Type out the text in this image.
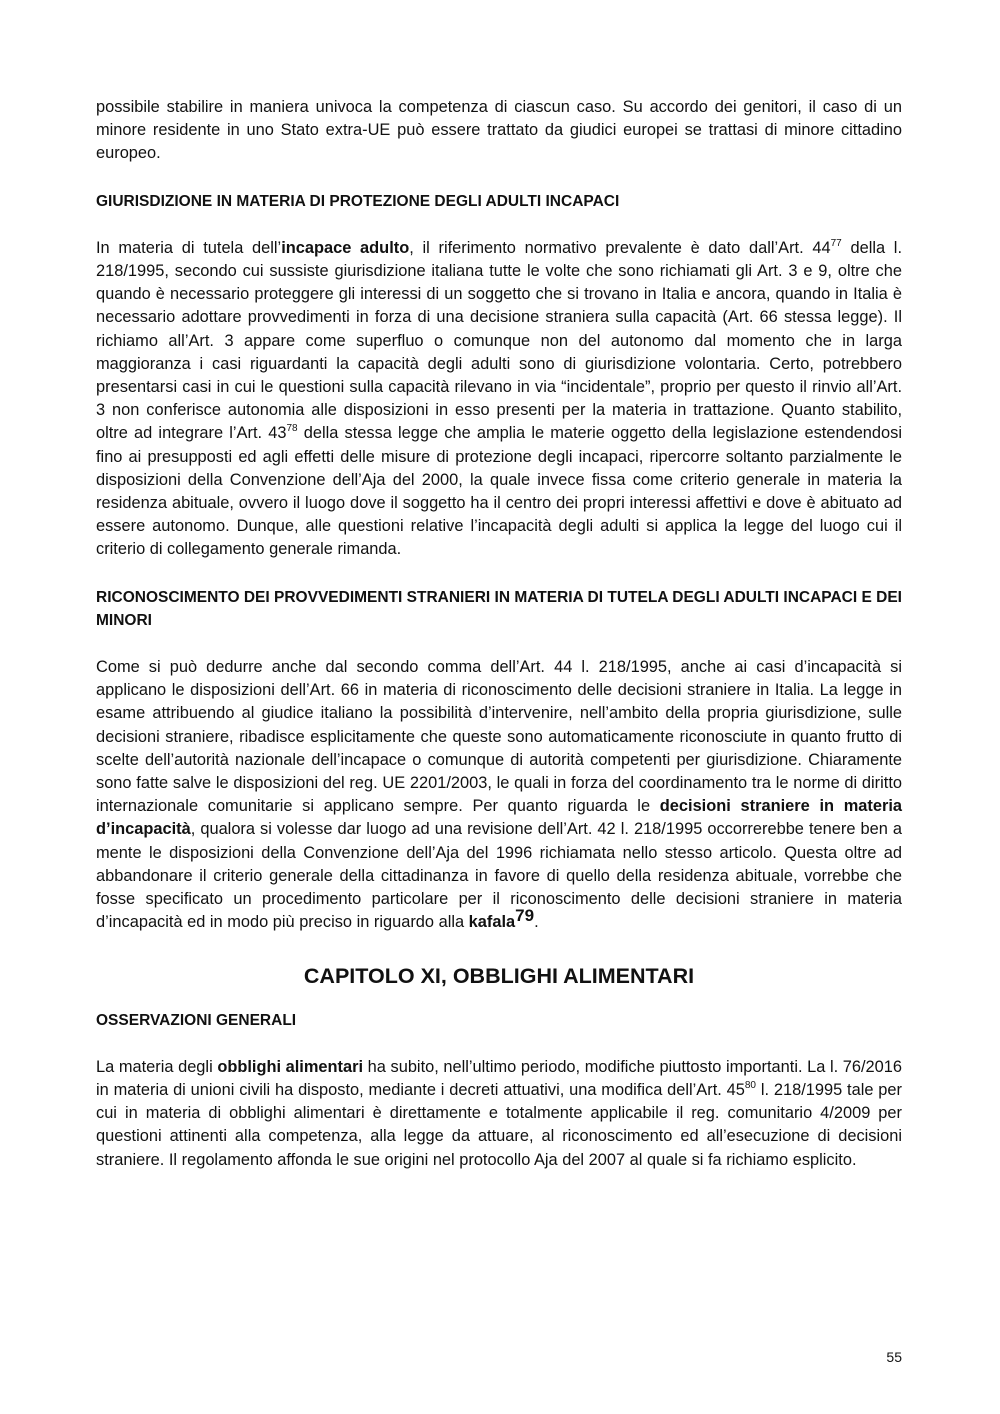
possibile stabilire in maniera univoca la competenza di ciascun caso. Su accordo dei genitori, il caso di un minore residente in uno Stato extra-UE può essere trattato da giudici europei se trattasi di minore cittadino europeo.

GIURISDIZIONE IN MATERIA DI PROTEZIONE DEGLI ADULTI INCAPACI

In materia di tutela dell’incapace adulto, il riferimento normativo prevalente è dato dall’Art. $44^{77}$ della l. 218/1995, secondo cui sussiste giurisdizione italiana tutte le volte che sono richiamati gli Art. 3 e 9, oltre che quando è necessario proteggere gli interessi di un soggetto che si trovano in Italia e ancora, quando in Italia è necessario adottare provvedimenti in forza di una decisione straniera sulla capacità (Art. 66 stessa legge). Il richiamo all’Art. 3 appare come superfluo o comunque non del autonomo dal momento che in larga maggioranza i casi riguardanti la capacità degli adulti sono di giurisdizione volontaria. Certo, potrebbero presentarsi casi in cui le questioni sulla capacità rilevano in via “incidentale”, proprio per questo il rinvio all’Art. 3 non conferisce autonomia alle disposizioni in esso presenti per la materia in trattazione. Quanto stabilito, oltre ad integrare l’Art. $43^{78}$ della stessa legge che amplia le materie oggetto della legislazione estendendosi fino ai presupposti ed agli effetti delle misure di protezione degli incapaci, ripercorre soltanto parzialmente le disposizioni della Convenzione dell’Aja del 2000, la quale invece fissa come criterio generale in materia la residenza abituale, ovvero il luogo dove il soggetto ha il centro dei propri interessi affettivi e dove è abituato ad essere autonomo. Dunque, alle questioni relative l’incapacità degli adulti si applica la legge del luogo cui il criterio di collegamento generale rimanda.

RICONOSCIMENTO DEI PROVVEDIMENTI STRANIERI IN MATERIA DI TUTELA DEGLI ADULTI INCAPACI E DEI MINORI

Come si può dedurre anche dal secondo comma dell’Art. 44 l. 218/1995, anche ai casi d’incapacità si applicano le disposizioni dell’Art. 66 in materia di riconoscimento delle decisioni straniere in Italia. La legge in esame attribuendo al giudice italiano la possibilità d’intervenire, nell’ambito della propria giurisdizione, sulle decisioni straniere, ribadisce esplicitamente che queste sono automaticamente riconosciute in quanto frutto di scelte dell’autorità nazionale dell’incapace o comunque di autorità competenti per giurisdizione. Chiaramente sono fatte salve le disposizioni del reg. UE 2201/2003, le quali in forza del coordinamento tra le norme di diritto internazionale comunitarie si applicano sempre. Per quanto riguarda le decisioni straniere in materia d’incapacità, qualora si volesse dar luogo ad una revisione dell’Art. 42 l. 218/1995 occorrerebbe tenere ben a mente le disposizioni della Convenzione dell’Aja del 1996 richiamata nello stesso articolo. Questa oltre ad abbandonare il criterio generale della cittadinanza in favore di quello della residenza abituale, vorrebbe che fosse specificato un procedimento particolare per il riconoscimento delle decisioni straniere in materia d’incapacità ed in modo più preciso in riguardo alla kafala$^{79}$.

CAPITOLO XI, OBBLIGHI ALIMENTARI
OSSERVAZIONI GENERALI

La materia degli obblighi alimentari ha subito, nell’ultimo periodo, modifiche piuttosto importanti. La l. 76/2016 in materia di unioni civili ha disposto, mediante i decreti attuativi, una modifica dell’Art. $45^{80}$ l. 218/1995 tale per cui in materia di obblighi alimentari è direttamente e totalmente applicabile il reg. comunitario 4/2009 per questioni attinenti alla competenza, alla legge da attuare, al riconoscimento ed all’esecuzione di decisioni straniere. Il regolamento affonda le sue origini nel protocollo Aja del 2007 al quale si fa richiamo esplicito.

55
